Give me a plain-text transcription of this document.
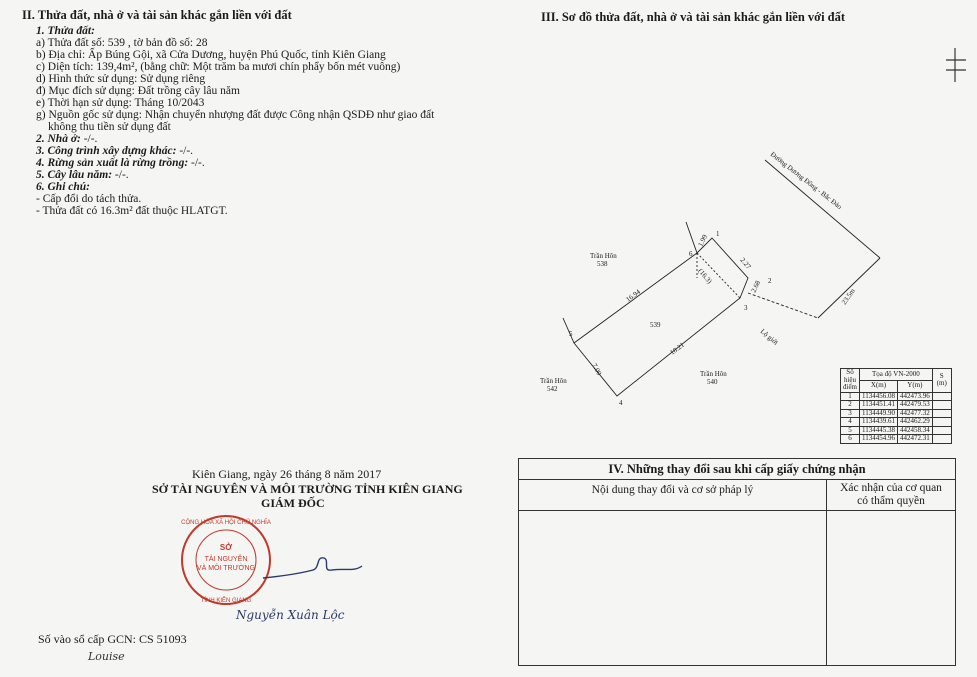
II. Thửa đất, nhà ở và tài sản khác gắn liền với đất
1. Thửa đất:
a) Thửa đất số: 539 , tờ bản đồ số: 28
b) Địa chỉ: Ấp Búng Gội, xã Cửa Dương, huyện Phú Quốc, tỉnh Kiên Giang
c) Diện tích: 139,4m², (bằng chữ: Một trăm ba mươi chín phẩy bốn mét vuông)
d) Hình thức sử dụng: Sử dụng riêng
đ) Mục đích sử dụng: Đất trồng cây lâu năm
e) Thời hạn sử dụng: Tháng 10/2043
g) Nguồn gốc sử dụng: Nhận chuyển nhượng đất được Công nhận QSDĐ như giao đất
không thu tiền sử dụng đất
2. Nhà ở: -/-.
3. Công trình xây dựng khác: -/-.
4. Rừng sản xuất là rừng trồng: -/-.
5. Cây lâu năm: -/-.
6. Ghi chú:
- Cấp đổi do tách thửa.
- Thửa đất có 16.3m² đất thuộc HLATGT.
III. Sơ đồ thửa đất, nhà ở và tài sản khác gắn liền với đất
Đường Dương Đông - Bắc Đảo
Trần Hôn
538
Trần Hôn
542
Trần Hôn
540
539
(16.3)
Lộ giới
1.99
2.27
2.68
16.94
7.00
18.21
23.5m
1
2
3
4
5
6
Số hiệu điểm	Tọa độ VN-2000		S (m)
	X(m)	Y(m)	
1	1134456.08	442473.96	
2	1134451.41	442479.53	
3	1134449.90	442477.32	
4	1134439.61	442462.29	
5	1134445.38	442458.34	
6	1134454.96	442472.31	
Kiên Giang, ngày 26 tháng 8 năm 2017
SỞ TÀI NGUYÊN VÀ MÔI TRƯỜNG TỈNH KIÊN GIANG
GIÁM ĐỐC
SỞ
TÀI NGUYÊN
VÀ MÔI TRƯỜNG
CỘNG HÒA XÃ HỘI CHỦ NGHĨA
TỈNH KIÊN GIANG
Nguyễn Xuân Lộc
Số vào sổ cấp GCN: CS 51093
Louise
IV. Những thay đổi sau khi cấp giấy chứng nhận
Nội dung thay đổi và cơ sở pháp lý	Xác nhận của cơ quan
có thẩm quyền
